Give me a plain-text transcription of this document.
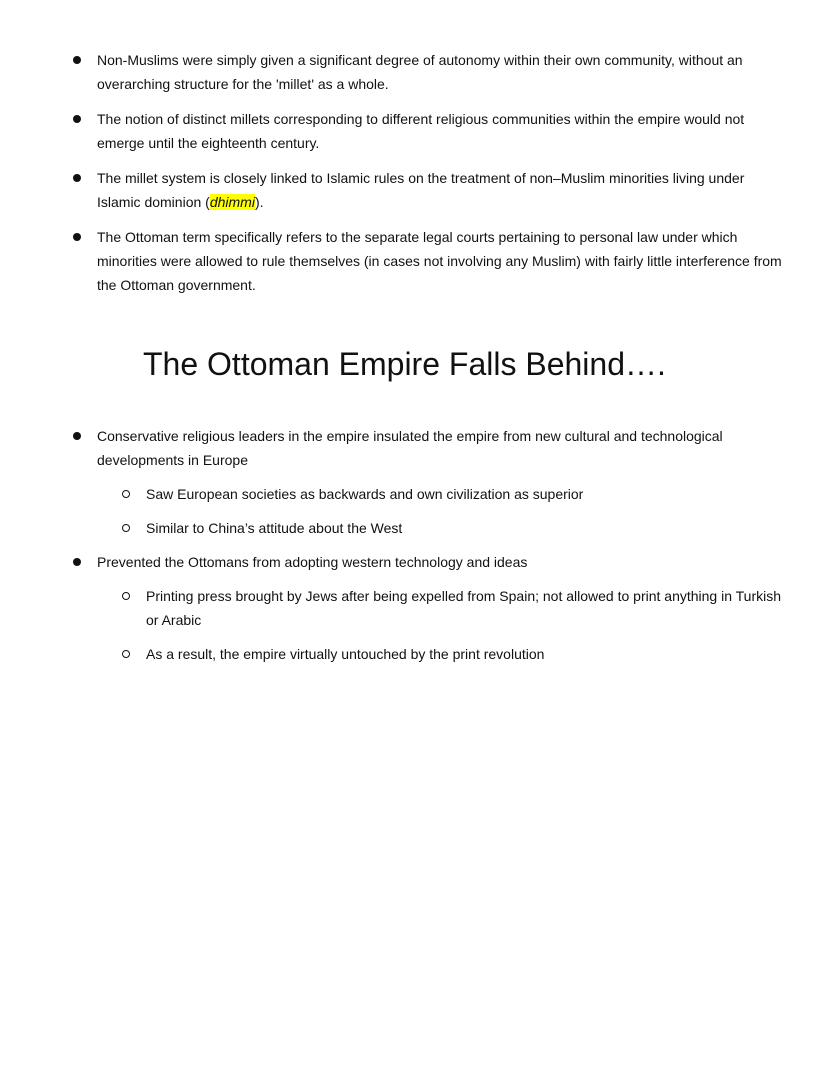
Non-Muslims were simply given a significant degree of autonomy within their own community, without an overarching structure for the 'millet' as a whole.
The notion of distinct millets corresponding to different religious communities within the empire would not emerge until the eighteenth century.
The millet system is closely linked to Islamic rules on the treatment of non–Muslim minorities living under Islamic dominion (dhimmi).
The Ottoman term specifically refers to the separate legal courts pertaining to personal law under which minorities were allowed to rule themselves (in cases not involving any Muslim) with fairly little interference from the Ottoman government.
The Ottoman Empire Falls Behind….
Conservative religious leaders in the empire insulated the empire from new cultural and technological developments in Europe
Saw European societies as backwards and own civilization as superior
Similar to China’s attitude about the West
Prevented the Ottomans from adopting western technology and ideas
Printing press brought by Jews after being expelled from Spain; not allowed to print anything in Turkish or Arabic
As a result, the empire virtually untouched by the print revolution
